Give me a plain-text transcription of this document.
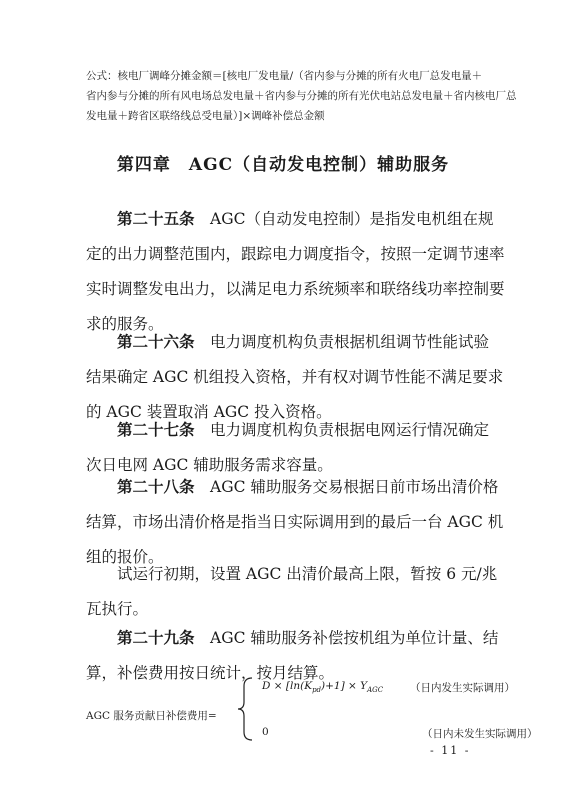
公式：核电厂调峰分摊金额＝[核电厂发电量/（省内参与分摊的所有火电厂总发电量＋
省内参与分摊的所有风电场总发电量＋省内参与分摊的所有光伏电站总发电量＋省内核电厂总
发电量＋跨省区联络线总受电量）]×调峰补偿总金额
第四章　AGC（自动发电控制）辅助服务
第二十五条　 AGC（自动发电控制）是指发电机组在规
定的出力调整范围内，跟踪电力调度指令，按照一定调节速率
实时调整发电出力，以满足电力系统频率和联络线功率控制要
求的服务。
第二十六条　 电力调度机构负责根据机组调节性能试验
结果确定 AGC 机组投入资格，并有权对调节性能不满足要求
的 AGC 装置取消 AGC 投入资格。
第二十七条　 电力调度机构负责根据电网运行情况确定
次日电网 AGC 辅助服务需求容量。
第二十八条　 AGC 辅助服务交易根据日前市场出清价格
结算，市场出清价格是指当日实际调用到的最后一台 AGC 机
组的报价。
试运行初期，设置 AGC 出清价最高上限，暂按 6 元/兆
瓦执行。
第二十九条　 AGC 辅助服务补偿按机组为单位计量、结
算，补偿费用按日统计，按月结算。
AGC 服务贡献日补偿费用=
$D \times [\ln(K_{pd})+1] \times Y_{AGC}$	（日内发生实际调用）
0	（日内未发生实际调用）
- 11 -
